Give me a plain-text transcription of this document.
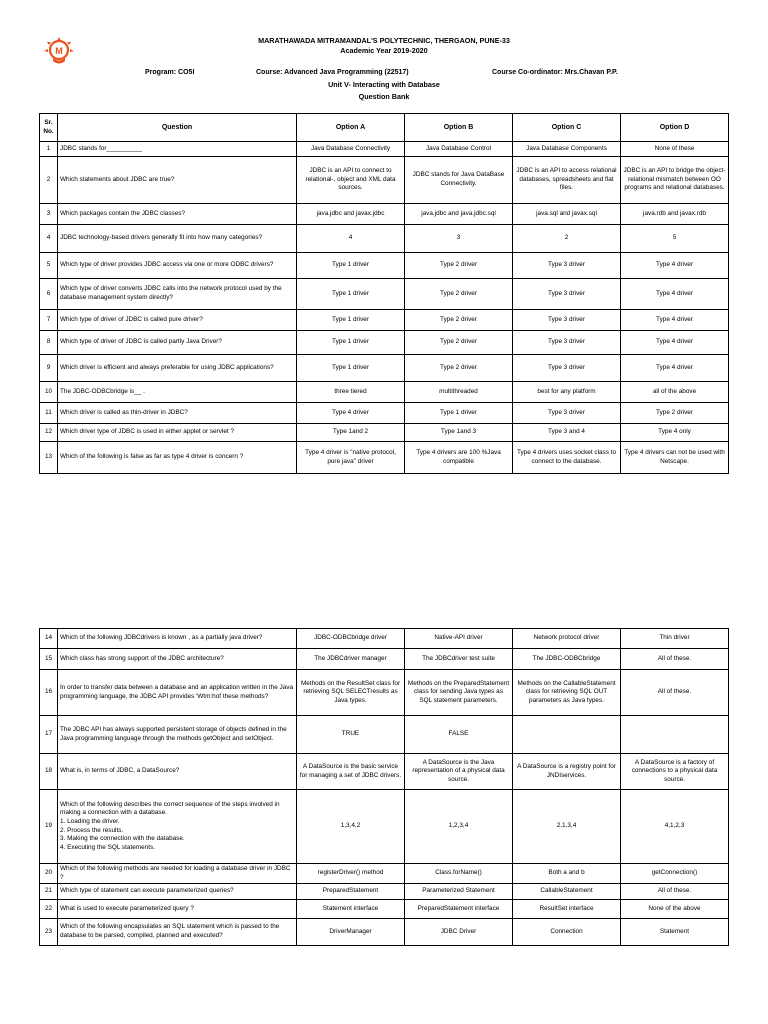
M
MARATHAWADA MITRAMANDAL'S POLYTECHNIC, THERGAON, PUNE-33
Academic Year 2019-2020
Program: CO5I	Course: Advanced Java Programming (22517)	Course Co-ordinator: Mrs.Chavan P.P.
Unit V- Interacting with Database
Question Bank
Sr.
No.	Question	Option A	Option B	Option C	Option D
1	JDBC stands for__________	Java Database Connectivity	Java Database Control	Java Database Components	None of these
2	Which statements about JDBC are true?	JDBC is an API to connect to relational-, object and XML data sources.	JDBC stands for Java DataBase Connectivity.	JDBC is an API to access relational databases, spreadsheets and flat files.	JDBC is an API to bridge the object-relational mismatch between OO programs and relational databases.
3	Which packages contain the JDBC classes?	java.jdbc and javax.jdbc	java.jdbc and java.jdbc.sql	java.sql and javax.sql	java.rdb and javax.rdb
4	JDBC technology-based drivers generally fit into how many categories?	4	3	2	5
5	Which type of driver provides JDBC access via one or more ODBC drivers?	Type 1 driver	Type 2 driver	Type 3 driver	Type 4 driver
6	Which type of driver converts JDBC calls into the network protocol used by the database management system directly?	Type 1 driver	Type 2 driver	Type 3 driver	Type 4 driver
7	Which type of driver of JDBC is called pure driver?	Type 1 driver	Type 2 driver	Type 3 driver	Type 4 driver
8	Which type of driver of JDBC is called partly Java Driver?	Type 1 driver	Type 2 driver	Type 3 driver	Type 4 driver
9	Which driver is efficient and always preferable for using JDBC applications?	Type 1 driver	Type 2 driver	Type 3 driver	Type 4 driver
10	The JDBC-ODBCbridge is__ .	three tiered	multithreaded	best for any platform	all of the above
11	Which driver is called as thin-driver in JDBC?	Type 4 driver	Type 1 driver	Type 3 driver	Type 2 driver
12	Which driver type of JDBC is used in either applet or servlet ?	Type 1and 2	Type 1and 3	Type 3 and 4	Type 4 only
13	Which of the following is false as far as type 4 driver is concern ?	Type 4 driver is "native protocol, pure java" driver	Type 4 drivers are 100 %Java compatible	Type 4 drivers uses socket class to connect to the database.	Type 4 drivers can not be used with Netscape.
14	Which of the following JDBCdrivers is known , as a partially java driver?	JDBC-ODBCbridge driver	Native-API driver	Network protocol driver	Thin driver
15	Which class has strong support of the JDBC architecture?	The JDBCdriver manager	The JDBCdriver test suite	The JDBC-ODBCbridge	All of these.
16	In order to transfer data between a database and an application written in the Java programming language, the JDBC API provides 'Wtm:hof these methods?	Methods on the ResultSet class for retrieving SQL SELECTresults as Java types.	Methods on the PreparedStatement class for sending Java types as SQL statement parameters.	Methods on the CallableStatement class for retrieving SQL OUT parameters as Java types.	All of these.
17	The JDBC API has always supported persistent storage of objects defined in the Java programming language through the methods getObject and setObject.	TRUE	FALSE		
18	What is, in terms of JDBC, a DataSource?	A DataSource is the basic service for managing a set of JDBC drivers.	A DataSource is the Java representation of a physical data source.	A DataSource is a registry point for JNDIservices.	A DataSource is a factory of connections to a physical data source.
19	Which of the following describes the correct sequence of the steps involved in making a connection with a database.
1. Loading the driver.
2. Process the results.
3. Making the connection with the database.
4. Executing the SQL statements.	1,3,4,2	1,2,3,4	2,1,3,4	4,1,2,3
20	Which of the following methods are needed for loading a database driver in JDBC ?	registerDriver() method	Class.forName()	Both a and b	getConnection()
21	Which type of statement can execute parameterized queries?	PreparedStatement	Parameterized Statement	CallableStatement	All of these.
22	What is used to execute parameterized query ?	Statement interface	PreparedStatement interface	ResultSet interface	None of the above
23	Which of the following encapsulates an SQL statement which is passed to the database to be parsed, compiled, planned and executed?	DriverManager	JDBC Driver	Connection	Statement
